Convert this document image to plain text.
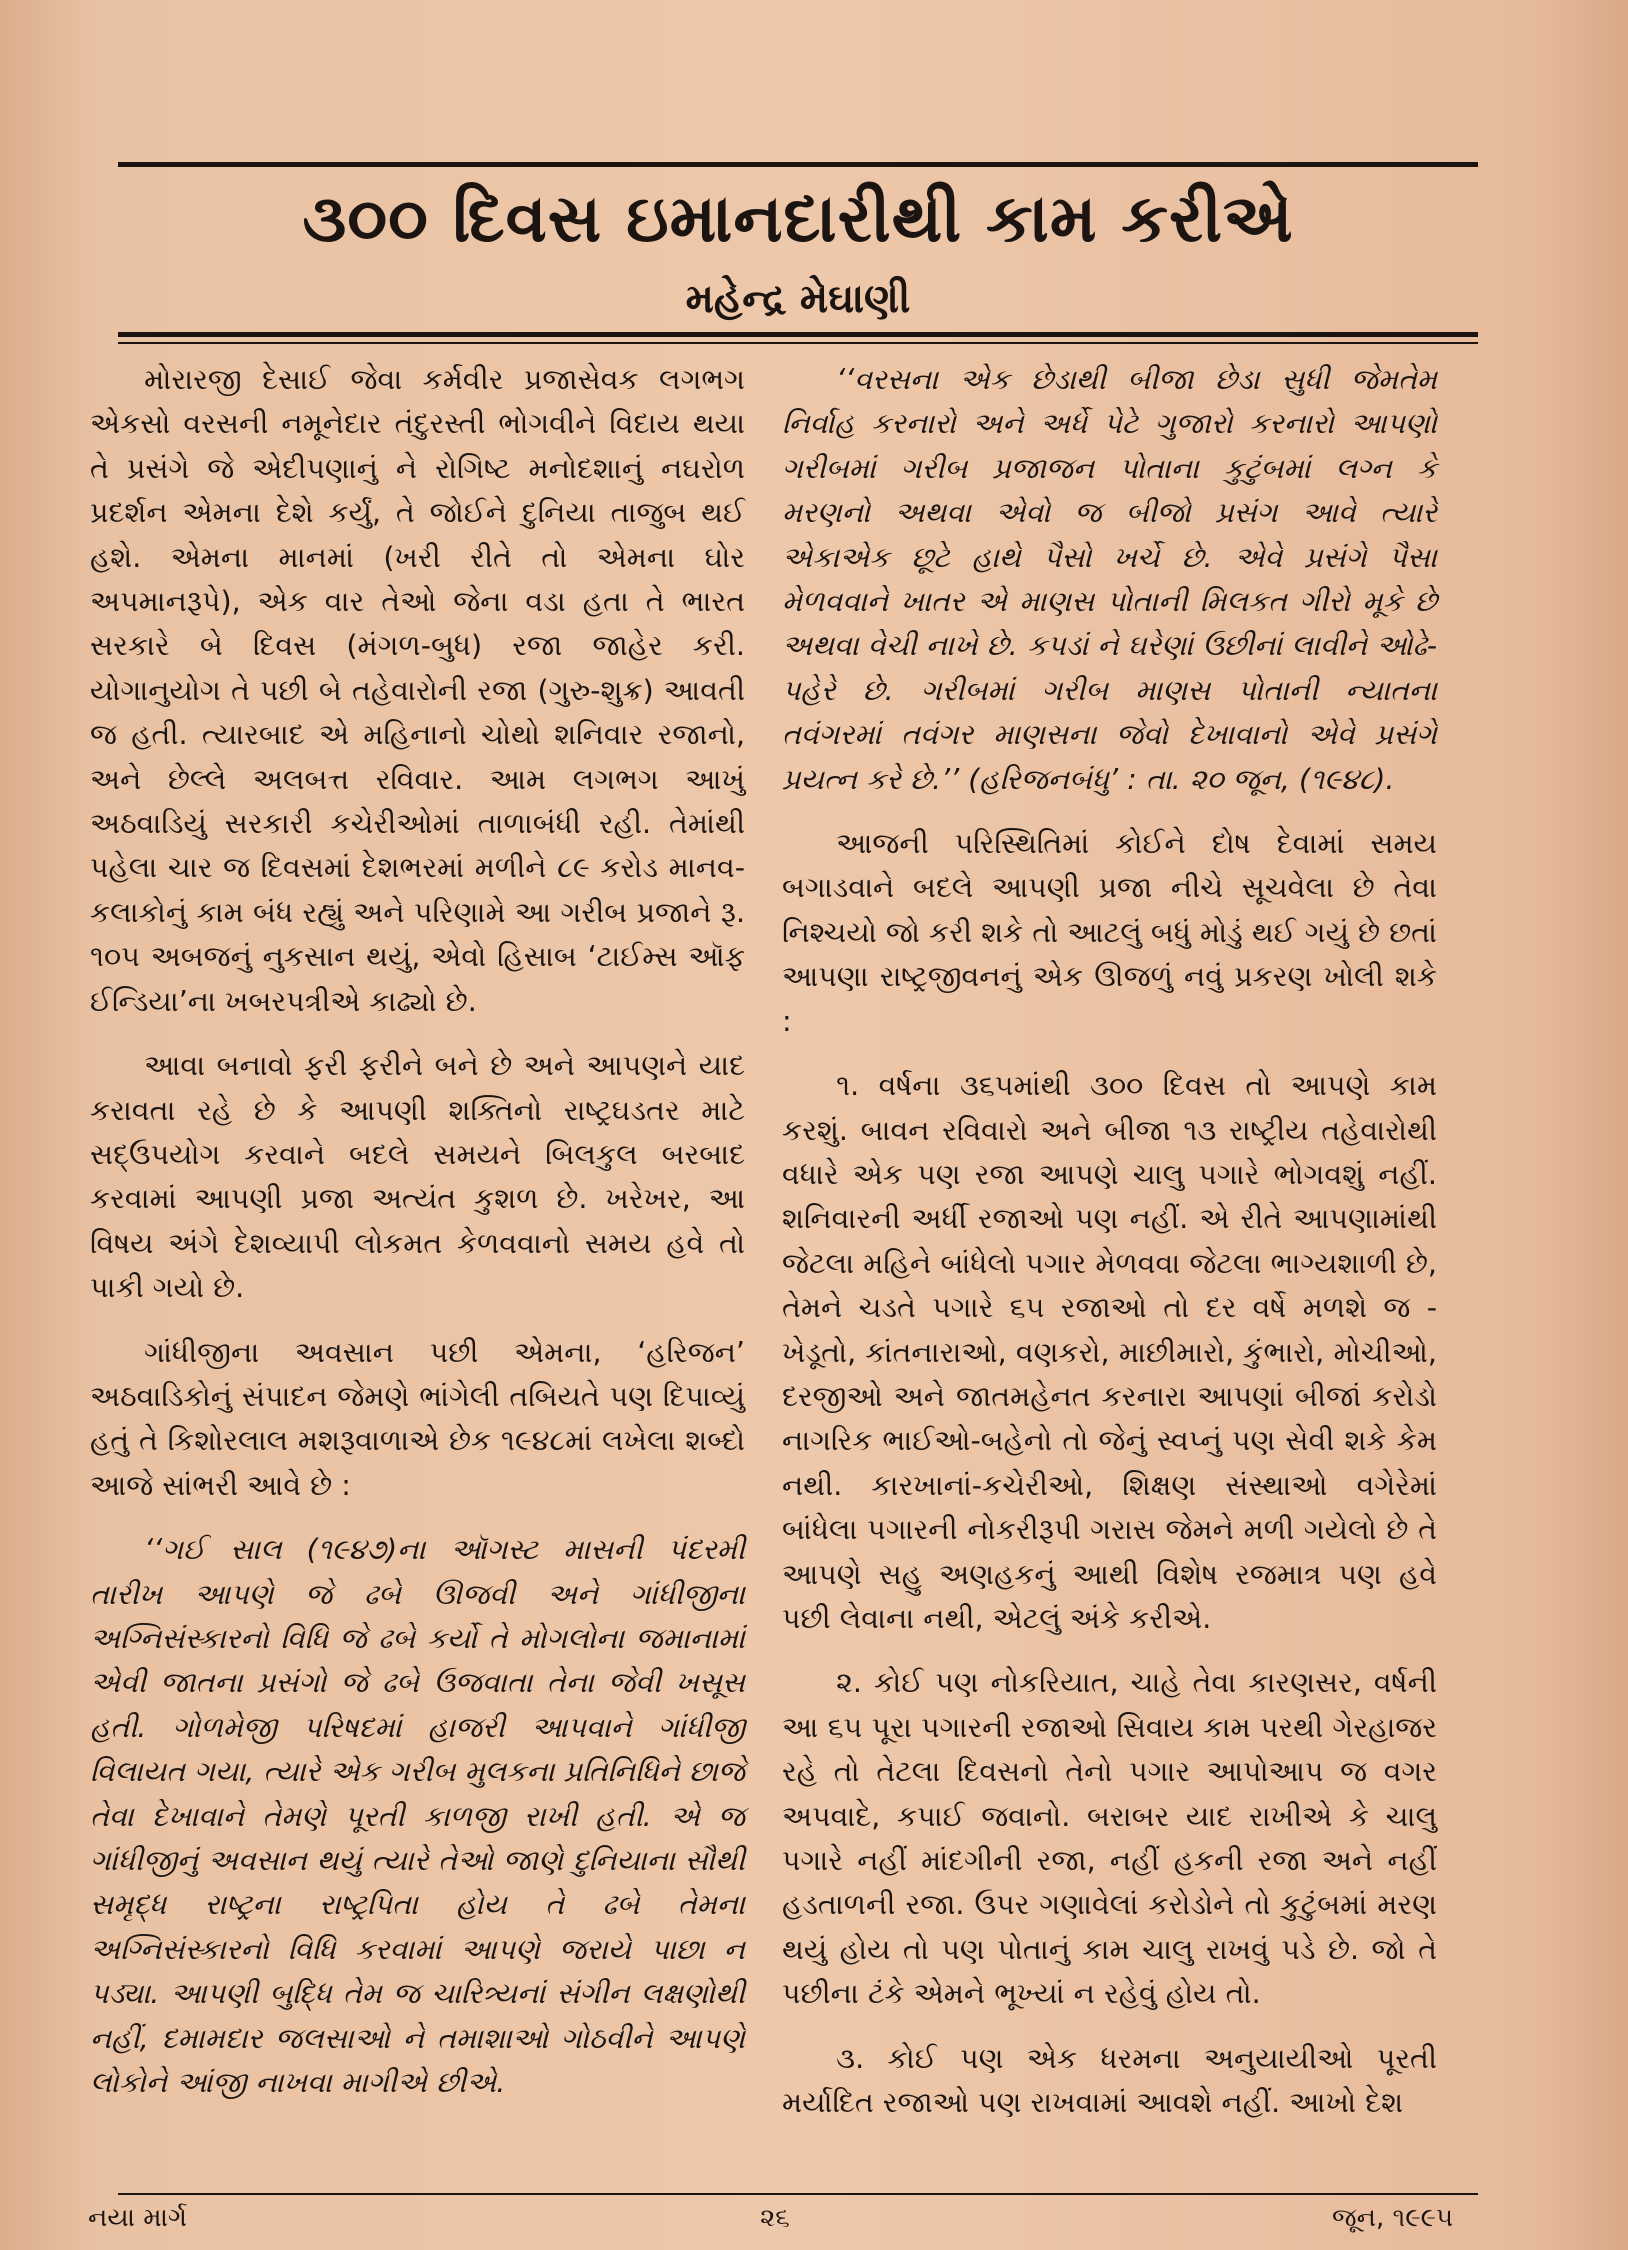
૩૦૦ દિવસ ઇમાનદારીથી કામ કરીએ
મહેન્દ્ર મેઘાણી

મોરારજી દેસાઈ જેવા કર્મવીર પ્રજાસેવક લગભગ એકસો વરસની નમૂનેદાર તંદુરસ્તી ભોગવીને વિદાય થયા તે પ્રસંગે જે એદીપણાનું ને રોગિષ્ટ મનોદશાનું નઘરોળ પ્રદર્શન એમના દેશે કર્યું, તે જોઈને દુનિયા તાજુબ થઈ હશે. એમના માનમાં (ખરી રીતે તો એમના ઘોર અપમાનરૂપે), એક વાર તેઓ જેના વડા હતા તે ભારત સરકારે બે દિવસ (મંગળ-બુધ) રજા જાહેર કરી. યોગાનુયોગ તે પછી બે તહેવારોની રજા (ગુરુ-શુક્ર) આવતી જ હતી. ત્યારબાદ એ મહિનાનો ચોથો શનિવાર રજાનો, અને છેલ્લે અલબત્ત રવિવાર. આમ લગભગ આખું અઠવાડિયું સરકારી કચેરીઓમાં તાળાબંધી રહી. તેમાંથી પહેલા ચાર જ દિવસમાં દેશભરમાં મળીને ૮૯ કરોડ માનવ-કલાકોનું કામ બંધ રહ્યું અને પરિણામે આ ગરીબ પ્રજાને રૂ. ૧૦૫ અબજનું નુકસાન થયું, એવો હિસાબ ‘ટાઈમ્સ ઑફ ઈન્ડિયા’ના ખબરપત્રીએ કાઢ્યો છે.

આવા બનાવો ફરી ફરીને બને છે અને આપણને યાદ કરાવતા રહે છે કે આપણી શક્તિનો રાષ્ટ્રઘડતર માટે સદ્ઉપયોગ કરવાને બદલે સમયને બિલકુલ બરબાદ કરવામાં આપણી પ્રજા અત્યંત કુશળ છે. ખરેખર, આ વિષય અંગે દેશવ્યાપી લોકમત કેળવવાનો સમય હવે તો પાકી ગયો છે.

ગાંધીજીના અવસાન પછી એમના, ‘હરિજન’ અઠવાડિકોનું સંપાદન જેમણે ભાંગેલી તબિયતે પણ દિપાવ્યું હતું તે કિશોરલાલ મશરૂવાળાએ છેક ૧૯૪૮માં લખેલા શબ્દો આજે સાંભરી આવે છે :

‘‘ગઈ સાલ (૧૯૪૭)ના ઑગસ્ટ માસની પંદરમી તારીખ આપણે જે ઢબે ઊજવી અને ગાંધીજીના અગ્નિસંસ્કારનો વિધિ જે ઢબે કર્યો તે મોગલોના જમાનામાં એવી જાતના પ્રસંગો જે ઢબે ઉજવાતા તેના જેવી ખસૂસ હતી. ગોળમેજી પરિષદમાં હાજરી આપવાને ગાંધીજી વિલાયત ગયા, ત્યારે એક ગરીબ મુલકના પ્રતિનિધિને છાજે તેવા દેખાવાને તેમણે પૂરતી કાળજી રાખી હતી. એ જ ગાંધીજીનું અવસાન થયું ત્યારે તેઓ જાણે દુનિયાના સૌથી સમૃદ્ધ રાષ્ટ્રના રાષ્ટ્રપિતા હોય તે ઢબે તેમના અગ્નિસંસ્કારનો વિધિ કરવામાં આપણે જરાયે પાછા ન પડ્યા. આપણી બુદ્ધિ તેમ જ ચારિત્ર્યનાં સંગીન લક્ષણોથી નહીં, દમામદાર જલસાઓ ને તમાશાઓ ગોઠવીને આપણે લોકોને આંજી નાખવા માગીએ છીએ.

‘‘વરસના એક છેડાથી બીજા છેડા સુધી જેમતેમ નિર્વાહ કરનારો અને અર્ધે પેટે ગુજારો કરનારો આપણો ગરીબમાં ગરીબ પ્રજાજન પોતાના કુટુંબમાં લગ્ન કે મરણનો અથવા એવો જ બીજો પ્રસંગ આવે ત્યારે એકાએક છૂટે હાથે પૈસો ખર્ચે છે. એવે પ્રસંગે પૈસા મેળવવાને ખાતર એ માણસ પોતાની મિલકત ગીરો મૂકે છે અથવા વેચી નાખે છે. કપડાં ને ઘરેણાં ઉછીનાં લાવીને ઓઢે-પહેરે છે. ગરીબમાં ગરીબ માણસ પોતાની ન્યાતના તવંગરમાં તવંગર માણસના જેવો દેખાવાનો એવે પ્રસંગે પ્રયત્ન કરે છે.’’ (હરિજનબંધુ’ : તા. ૨૦ જૂન, (૧૯૪૮).

આજની પરિસ્થિતિમાં કોઈને દોષ દેવામાં સમય બગાડવાને બદલે આપણી પ્રજા નીચે સૂચવેલા છે તેવા નિશ્ચયો જો કરી શકે તો આટલું બધું મોડું થઈ ગયું છે છતાં આપણા રાષ્ટ્રજીવનનું એક ઊજળું નવું પ્રકરણ ખોલી શકે :

૧. વર્ષના ૩૬૫માંથી ૩૦૦ દિવસ તો આપણે કામ કરશું. બાવન રવિવારો અને બીજા ૧૩ રાષ્ટ્રીય તહેવારોથી વધારે એક પણ રજા આપણે ચાલુ પગારે ભોગવશું નહીં. શનિવારની અર્ધી રજાઓ પણ નહીં. એ રીતે આપણામાંથી જેટલા મહિને બાંધેલો પગાર મેળવવા જેટલા ભાગ્યશાળી છે, તેમને ચડતે પગારે ૬૫ રજાઓ તો દર વર્ષે મળશે જ - ખેડૂતો, કાંતનારાઓ, વણકરો, માછીમારો, કુંભારો, મોચીઓ, દરજીઓ અને જાતમહેનત કરનારા આપણાં બીજાં કરોડો નાગરિક ભાઈઓ-બહેનો તો જેનું સ્વપ્નું પણ સેવી શકે કેમ નથી. કારખાનાં-કચેરીઓ, શિક્ષણ સંસ્થાઓ વગેરેમાં બાંધેલા પગારની નોકરીરૂપી ગરાસ જેમને મળી ગયેલો છે તે આપણે સહુ અણહકનું આથી વિશેષ રજમાત્ર પણ હવે પછી લેવાના નથી, એટલું અંકે કરીએ.

૨. કોઈ પણ નોકરિયાત, ચાહે તેવા કારણસર, વર્ષની આ ૬૫ પૂરા પગારની રજાઓ સિવાય કામ પરથી ગેરહાજર રહે તો તેટલા દિવસનો તેનો પગાર આપોઆપ જ વગર અપવાદે, કપાઈ જવાનો. બરાબર યાદ રાખીએ કે ચાલુ પગારે નહીં માંદગીની રજા, નહીં હકની રજા અને નહીં હડતાળની રજા. ઉપર ગણાવેલાં કરોડોને તો કુટુંબમાં મરણ થયું હોય તો પણ પોતાનું કામ ચાલુ રાખવું પડે છે. જો તે પછીના ટંકે એમને ભૂખ્યાં ન રહેવું હોય તો.

૩. કોઈ પણ એક ધરમના અનુયાયીઓ પૂરતી મર્યાદિત રજાઓ પણ રાખવામાં આવશે નહીં. આખો દેશ

નયા માર્ગ	૨૬	જૂન, ૧૯૯૫
